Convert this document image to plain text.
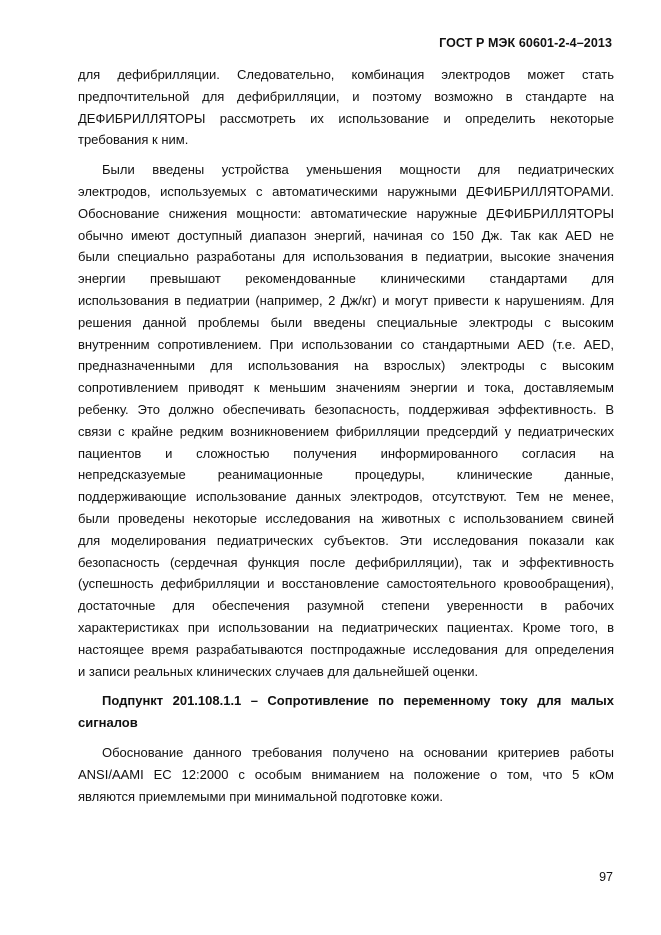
ГОСТ Р МЭК 60601-2-4–2013
для дефибрилляции. Следовательно, комбинация электродов может стать
предпочтительной для дефибрилляции, и поэтому возможно в стандарте на
ДЕФИБРИЛЛЯТОРЫ рассмотреть их использование и определить некоторые
требования к ним.
Были введены устройства уменьшения мощности для педиатрических
электродов, используемых с автоматическими наружными ДЕФИБРИЛЛЯТОРАМИ.
Обоснование снижения мощности: автоматические наружные ДЕФИБРИЛЛЯТОРЫ
обычно имеют доступный диапазон энергий, начиная со 150 Дж. Так как AED не
были специально разработаны для использования в педиатрии, высокие значения
энергии превышают рекомендованные клиническими стандартами для
использования в педиатрии (например, 2 Дж/кг) и могут привести к нарушениям. Для
решения данной проблемы были введены специальные электроды с высоким
внутренним сопротивлением. При использовании со стандартными AED (т.е. AED,
предназначенными для использования на взрослых) электроды с высоким
сопротивлением приводят к меньшим значениям энергии и тока, доставляемым
ребенку. Это должно обеспечивать безопасность, поддерживая эффективность. В
связи с крайне редким возникновением фибрилляции предсердий у педиатрических
пациентов и сложностью получения информированного согласия на
непредсказуемые реанимационные процедуры, клинические данные,
поддерживающие использование данных электродов, отсутствуют. Тем не менее,
были проведены некоторые исследования на животных с использованием свиней
для моделирования педиатрических субъектов. Эти исследования показали как
безопасность (сердечная функция после дефибрилляции), так и эффективность
(успешность дефибрилляции и восстановление самостоятельного кровообращения),
достаточные для обеспечения разумной степени уверенности в рабочих
характеристиках при использовании на педиатрических пациентах. Кроме того, в
настоящее время разрабатываются постпродажные исследования для определения
и записи реальных клинических случаев для дальнейшей оценки.
Подпункт 201.108.1.1 – Сопротивление по переменному току для малых
сигналов
Обоснование данного требования получено на основании критериев работы
ANSI/AAMI EC 12:2000 с особым вниманием на положение о том, что 5 кОм
являются приемлемыми при минимальной подготовке кожи.
97
